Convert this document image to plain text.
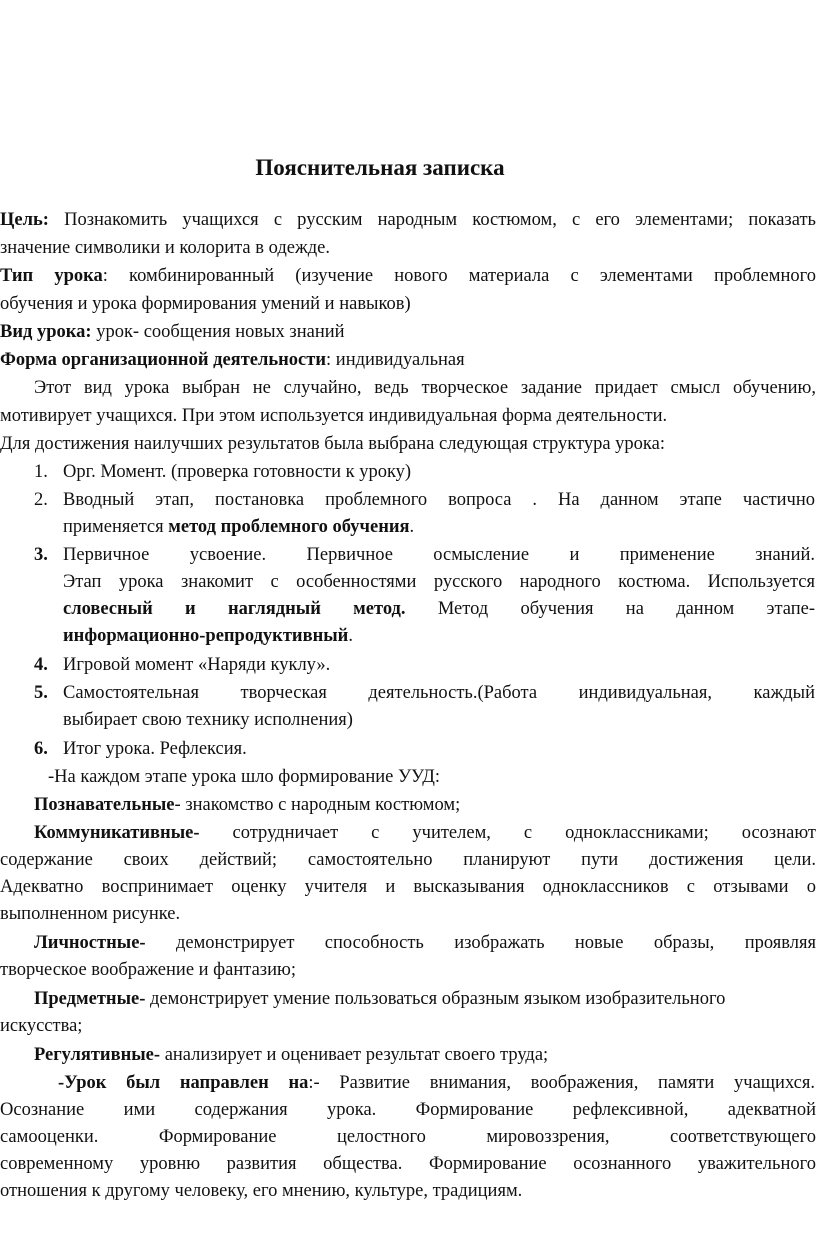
Пояснительная записка
Цель: Познакомить учащихся с русским народным костюмом, с его элементами; показать
значение символики и колорита в одежде.
Тип урока: комбинированный (изучение нового материала с элементами проблемного
обучения и урока формирования умений и навыков)
Вид урока: урок- сообщения новых знаний
Форма организационной деятельности: индивидуальная
Этот вид урока выбран не случайно, ведь творческое задание придает смысл обучению,
мотивирует учащихся. При этом используется индивидуальная форма деятельности.
Для достижения наилучших результатов была выбрана следующая структура урока:
1. Орг. Момент. (проверка готовности к уроку)
2. Вводный этап, постановка проблемного вопроса . На данном этапе частично
применяется метод проблемного обучения.
3. Первичное усвоение. Первичное осмысление и применение знаний.
Этап урока знакомит с особенностями русского народного костюма. Используется
словесный и наглядный метод. Метод обучения на данном этапе-
информационно-репродуктивный.
4. Игровой момент «Наряди куклу».
5. Самостоятельная творческая деятельность.(Работа индивидуальная, каждый
выбирает свою технику исполнения)
6. Итог урока. Рефлексия.
-На каждом этапе урока шло формирование УУД:
Познавательные- знакомство с народным костюмом;
Коммуникативные- сотрудничает с учителем, с одноклассниками; осознают
содержание своих действий; самостоятельно планируют пути достижения цели.
Адекватно воспринимает оценку учителя и высказывания одноклассников с отзывами о
выполненном рисунке.
Личностные- демонстрирует способность изображать новые образы, проявляя
творческое воображение и фантазию;
Предметные- демонстрирует умение пользоваться образным языком изобразительного
искусства;
Регулятивные- анализирует и оценивает результат своего труда;
-Урок был направлен на:- Развитие внимания, воображения, памяти учащихся.
Осознание ими содержания урока. Формирование рефлексивной, адекватной
самооценки. Формирование целостного мировоззрения, соответствующего
современному уровню развития общества. Формирование осознанного уважительного
отношения к другому человеку, его мнению, культуре, традициям.
